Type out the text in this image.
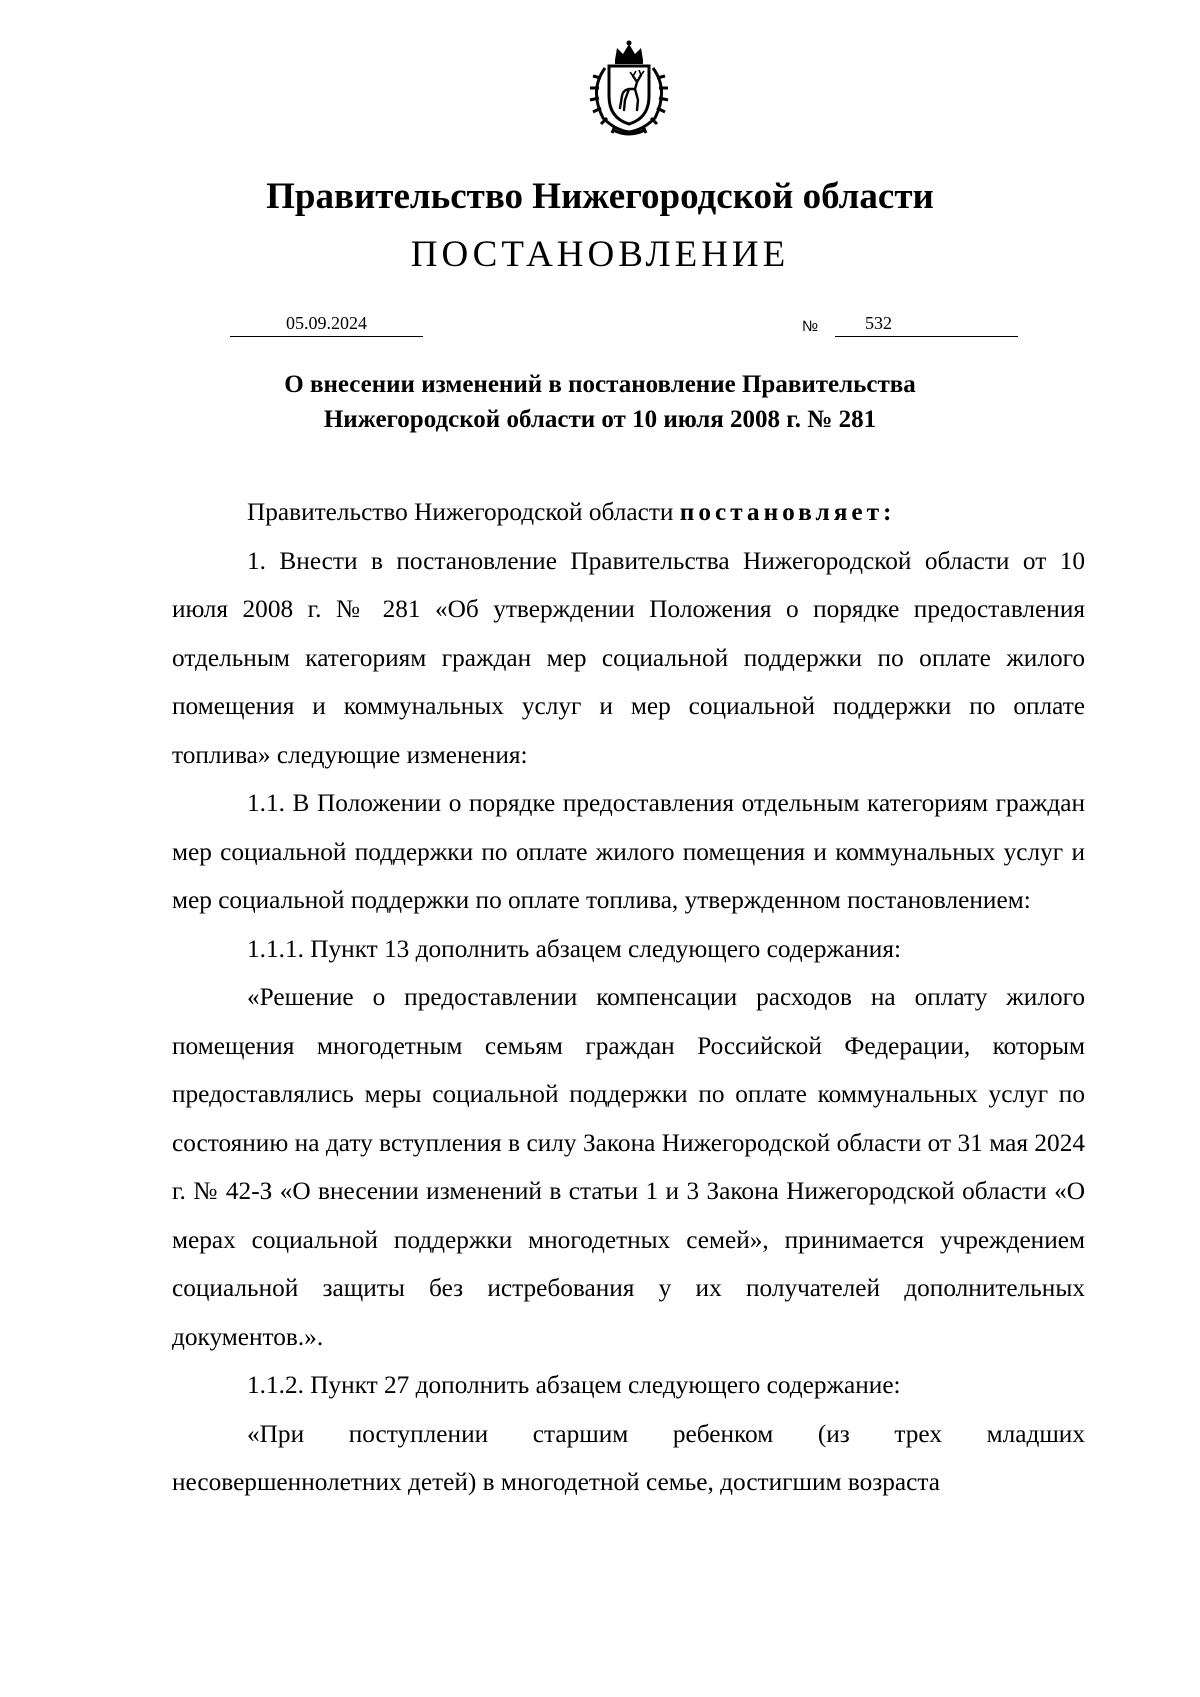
Правительство Нижегородской области
ПОСТАНОВЛЕНИЕ
05.09.2024	№	532
О внесении изменений в постановление Правительства
Нижегородской области от 10 июля 2008 г. № 281

Правительство Нижегородской области постановляет:

1. Внести в постановление Правительства Нижегородской области от 10 июля 2008 г. № 281 «Об утверждении Положения о порядке предоставления отдельным категориям граждан мер социальной поддержки по оплате жилого помещения и коммунальных услуг и мер социальной поддержки по оплате топлива» следующие изменения:

1.1. В Положении о порядке предоставления отдельным категориям граждан мер социальной поддержки по оплате жилого помещения и коммунальных услуг и мер социальной поддержки по оплате топлива, утвержденном постановлением:

1.1.1. Пункт 13 дополнить абзацем следующего содержания:

«Решение о предоставлении компенсации расходов на оплату жилого помещения многодетным семьям граждан Российской Федерации, которым предоставлялись меры социальной поддержки по оплате коммунальных услуг по состоянию на дату вступления в силу Закона Нижегородской области от 31 мая 2024 г. № 42-З «О внесении изменений в статьи 1 и 3 Закона Нижегородской области «О мерах социальной поддержки многодетных семей», принимается учреждением социальной защиты без истребования у их получателей дополнительных документов.».

1.1.2. Пункт 27 дополнить абзацем следующего содержание:

«При поступлении старшим ребенком (из трех младших несовершеннолетних детей) в многодетной семье, достигшим возраста
